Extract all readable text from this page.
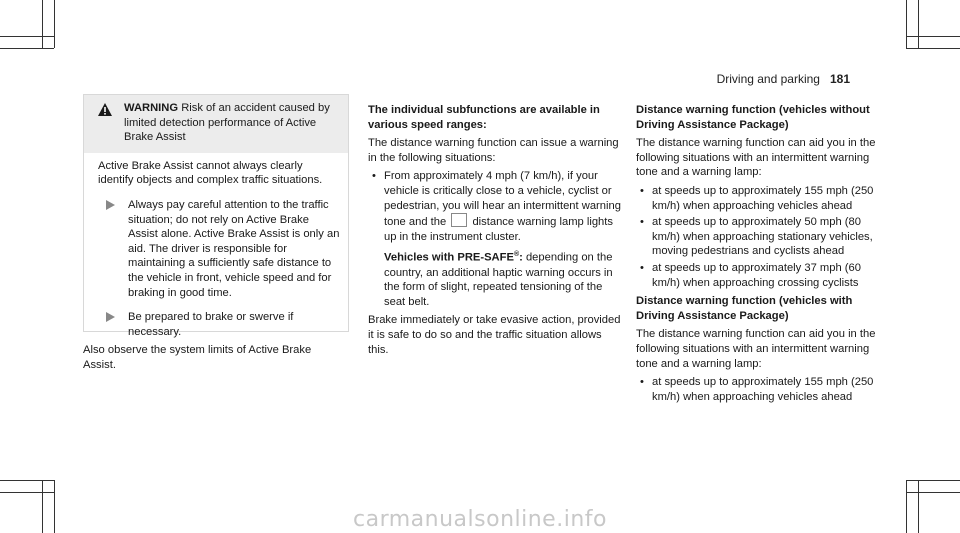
Driving and parking 181
WARNING Risk of an accident caused by limited detection performance of Active Brake Assist

Active Brake Assist cannot always clearly identify objects and complex traffic situations.

Always pay careful attention to the traffic situation; do not rely on Active Brake Assist alone. Active Brake Assist is only an aid. The driver is responsible for maintaining a sufficiently safe distance to the vehicle in front, vehicle speed and for braking in good time.
Be prepared to brake or swerve if necessary.

Also observe the system limits of Active Brake Assist.

The individual subfunctions are available in various speed ranges:

The distance warning function can issue a warning in the following situations:

• From approximately 4 mph (7 km/h), if your vehicle is critically close to a vehicle, cyclist or pedestrian, you will hear an intermittent warning tone and the distance warning lamp lights up in the instrument cluster.
Vehicles with PRE-SAFE®: depending on the country, an additional haptic warning occurs in the form of slight, repeated tensioning of the seat belt.

Brake immediately or take evasive action, provided it is safe to do so and the traffic situation allows this.

Distance warning function (vehicles without Driving Assistance Package)

The distance warning function can aid you in the following situations with an intermittent warning tone and a warning lamp:

• at speeds up to approximately 155 mph (250 km/h) when approaching vehicles ahead
• at speeds up to approximately 50 mph (80 km/h) when approaching stationary vehicles, moving pedestrians and cyclists ahead
• at speeds up to approximately 37 mph (60 km/h) when approaching crossing cyclists

Distance warning function (vehicles with Driving Assistance Package)

The distance warning function can aid you in the following situations with an intermittent warning tone and a warning lamp:

• at speeds up to approximately 155 mph (250 km/h) when approaching vehicles ahead
carmanualsonline.info
